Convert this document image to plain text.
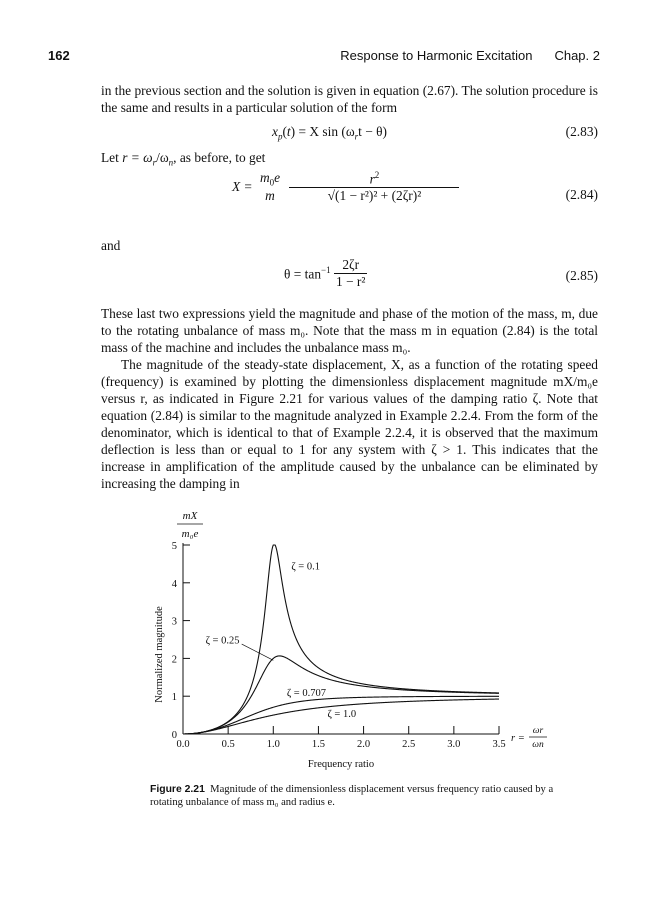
162	Response to Harmonic Excitation Chap. 2

in the previous section and the solution is given in equation (2.67). The solution procedure is the same and results in a particular solution of the form

$x_p(t) = X$ $\sin (\omega_rt - \theta)$	(2.83)
Let $r = \omega_r/\omega_n$, as before, to get
X =
$m_0e$
m
	$\frac{r^2}{\text{√(1 − r²)² + (2ζr)²}}$	(2.84)
and
$\theta = \tan^{-1} \frac{2\zeta r}{\text{1 − r²}}$	(2.85)

These last two expressions yield the magnitude and phase of the motion of the mass, m, due to the rotating unbalance of mass m₀. Note that the mass m in equation (2.84) is the total mass of the machine and includes the unbalance mass m₀.

The magnitude of the steady-state displacement, X, as a function of the rotating speed (frequency) is examined by plotting the dimensionless displacement magnitude mX/m₀e versus r, as indicated in Figure 2.21 for various values of the damping ratio ζ. Note that equation (2.84) is similar to the magnitude analyzed in Example 2.2.4. From the form of the denominator, which is identical to that of Example 2.2.4, it is observed that the maximum deflection is less than or equal to 1 for any system with ζ > 1. This indicates that the increase in amplification of the amplitude caused by the unbalance can be eliminated by increasing the damping in

0
1
2
3
4
5
0.0	0.5	1.0	1.5	2.0	2.5	3.0	3.5
Frequency ratio
Normalized magnitude
mX
m₀e
r =
ωr
ωn
ζ = 0.1
ζ = 0.25
ζ = 0.707
ζ = 1.0
Figure 2.21 Magnitude of the dimensionless displacement versus frequency ratio caused by a rotating unbalance of mass m₀ and radius e.
